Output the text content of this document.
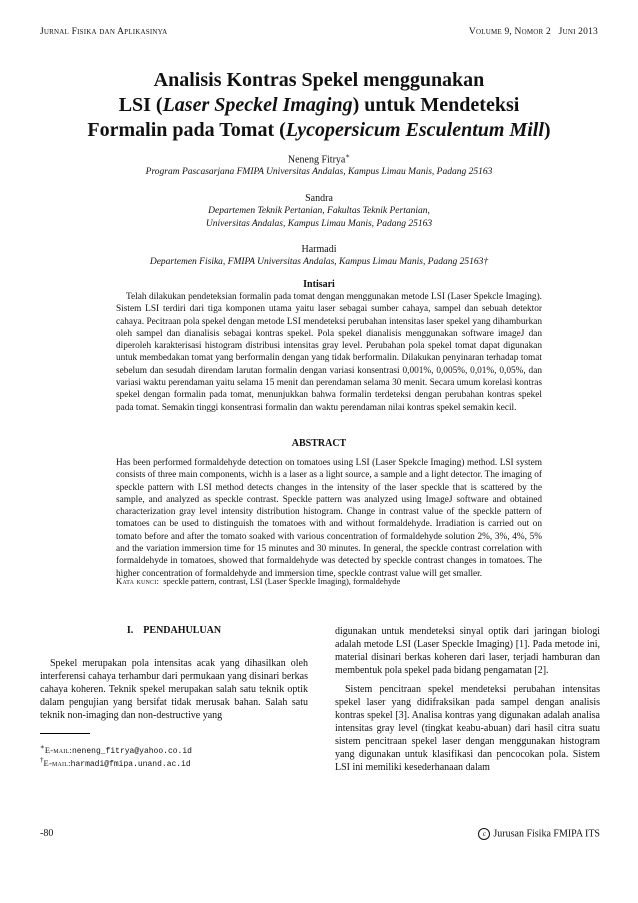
Jurnal Fisika dan Aplikasinya	Volume 9, Nomor 2 Juni 2013
Analisis Kontras Spekel menggunakan
LSI (Laser Speckel Imaging) untuk Mendeteksi
Formalin pada Tomat (Lycopersicum Esculentum Mill)
Neneng Fitrya∗
Program Pascasarjana FMIPA Universitas Andalas, Kampus Limau Manis, Padang 25163
Sandra
Departemen Teknik Pertanian, Fakultas Teknik Pertanian,
Universitas Andalas, Kampus Limau Manis, Padang 25163
Harmadi
Departemen Fisika, FMIPA Universitas Andalas, Kampus Limau Manis, Padang 25163†
Intisari

Telah dilakukan pendeteksian formalin pada tomat dengan menggunakan metode LSI (Laser Spekcle Imaging). Sistem LSI terdiri dari tiga komponen utama yaitu laser sebagai sumber cahaya, sampel dan sebuah detektor cahaya. Pecitraan pola spekel dengan metode LSI mendeteksi perubahan intensitas laser spekel yang dihamburkan oleh sampel dan dianalisis sebagai kontras spekel. Pola spekel dianalisis menggunakan software imageJ dan diperoleh karakterisasi histogram distribusi intensitas gray level. Perubahan pola spekel tomat dapat digunakan untuk membedakan tomat yang berformalin dengan yang tidak berformalin. Dilakukan penyinaran terhadap tomat sebelum dan sesudah direndam larutan formalin dengan variasi konsentrasi 0,001%, 0,005%, 0,01%, 0,05%, dan variasi waktu perendaman yaitu selama 15 menit dan perendaman selama 30 menit. Secara umum korelasi kontras spekel dengan formalin pada tomat, menunjukkan bahwa formalin terdeteksi dengan perubahan kontras spekel pada tomat. Semakin tinggi konsentrasi formalin dan waktu perendaman nilai kontras spekel semakin kecil.

ABSTRACT

Has been performed formaldehyde detection on tomatoes using LSI (Laser Spekcle Imaging) method. LSI system consists of three main components, wichh is a laser as a light source, a sample and a light detector. The imaging of speckle pattern with LSI method detects changes in the intensity of the laser speckle that is scattered by the sample, and analyzed as speckle contrast. Speckle pattern was analyzed using ImageJ software and obtained characterization gray level intensity distribution histogram. Change in contrast value of the speckle pattern of tomatoes can be used to distinguish the tomatoes with and without formaldehyde. Irradiation is carried out on tomato before and after the tomato soaked with various concentration of formaldehyde solution 2%, 3%, 4%, 5% and the variation immersion time for 15 minutes and 30 minutes. In general, the speckle contrast correlation with formaldehyde in tomatoes, showed that formaldehyde was detected by speckle contrast changes in tomatoes. The higher concentration of formaldehyde and immersion time, speckle contrast value will get smaller.

Kata kunci: speckle pattern, contrast, LSI (Laser Speckle Imaging), formaldehyde
I.    PENDAHULUAN

Spekel merupakan pola intensitas acak yang dihasilkan oleh interferensi cahaya terhambur dari permukaan yang disinari berkas cahaya koheren. Teknik spekel merupakan salah satu teknik optik dalam pengujian yang bersifat tidak merusak bahan. Salah satu teknik non-imaging dan non-destructive yang

digunakan untuk mendeteksi sinyal optik dari jaringan biologi adalah metode LSI (Laser Speckle Imaging) [1]. Pada metode ini, material disinari berkas koheren dari laser, terjadi hamburan dan membentuk pola spekel pada bidang pengamatan [2].

Sistem pencitraan spekel mendeteksi perubahan intensitas spekel laser yang didifraksikan pada sampel dengan analisis kontras spekel [3]. Analisa kontras yang digunakan adalah analisa intensitas gray level (tingkat keabu-abuan) dari hasil citra suatu sistem pencitraan spekel laser dengan menggunakan histogram yang digunakan untuk klasifikasi dan pencocokan pola. Sistem LSI ini memiliki kesederhanaan dalam

∗E-mail:neneng_fitrya@yahoo.co.id
†E-mail:harmadi@fmipa.unand.ac.id
-80	c Jurusan Fisika FMIPA ITS
